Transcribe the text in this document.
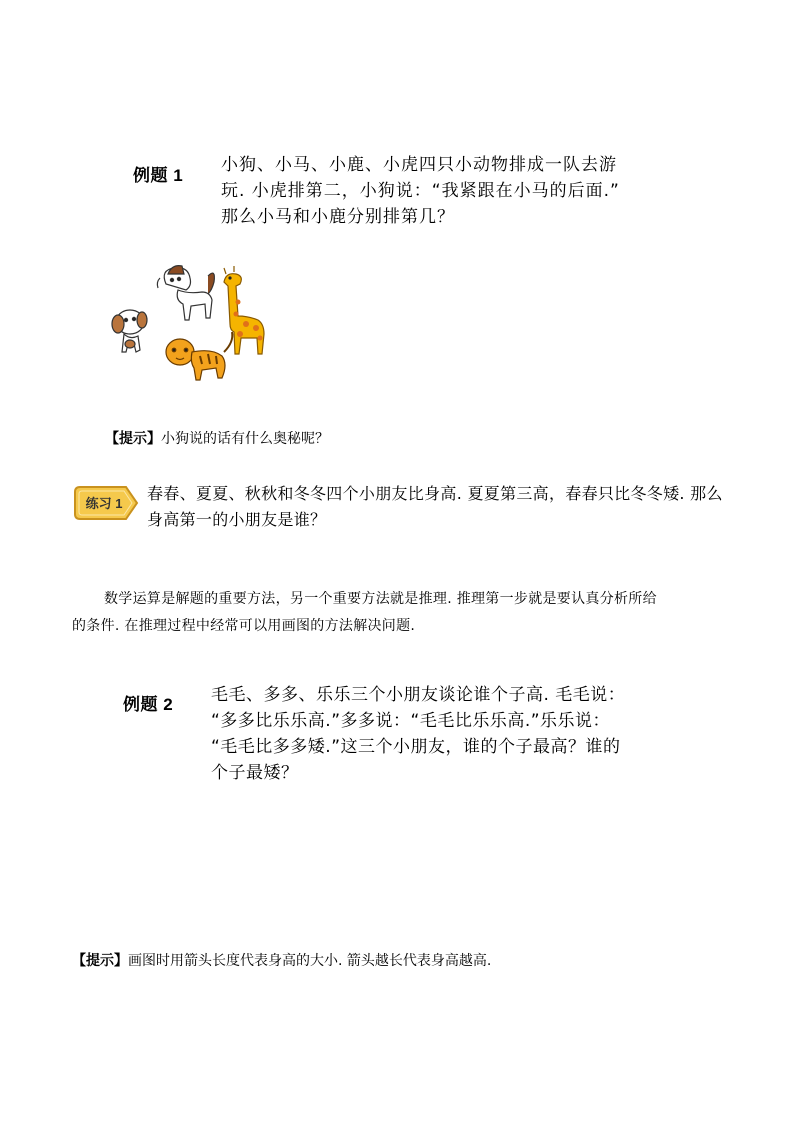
例题 1
小狗、小马、小鹿、小虎四只小动物排成一队去游
玩. 小虎排第二，小狗说：“我紧跟在小马的后面.”
那么小马和小鹿分别排第几？
【提示】小狗说的话有什么奥秘呢？
练习 1
春春、夏夏、秋秋和冬冬四个小朋友比身高. 夏夏第三高，春春只比冬冬矮. 那么
身高第一的小朋友是谁？
数学运算是解题的重要方法，另一个重要方法就是推理. 推理第一步就是要认真分析所给
的条件. 在推理过程中经常可以用画图的方法解决问题.
例题 2 毛毛、多多、乐乐三个小朋友谈论谁个子高. 毛毛说：
“多多比乐乐高.”多多说：“毛毛比乐乐高.”乐乐说：
“毛毛比多多矮.”这三个小朋友，谁的个子最高？谁的
个子最矮？
【提示】画图时用箭头长度代表身高的大小. 箭头越长代表身高越高.
